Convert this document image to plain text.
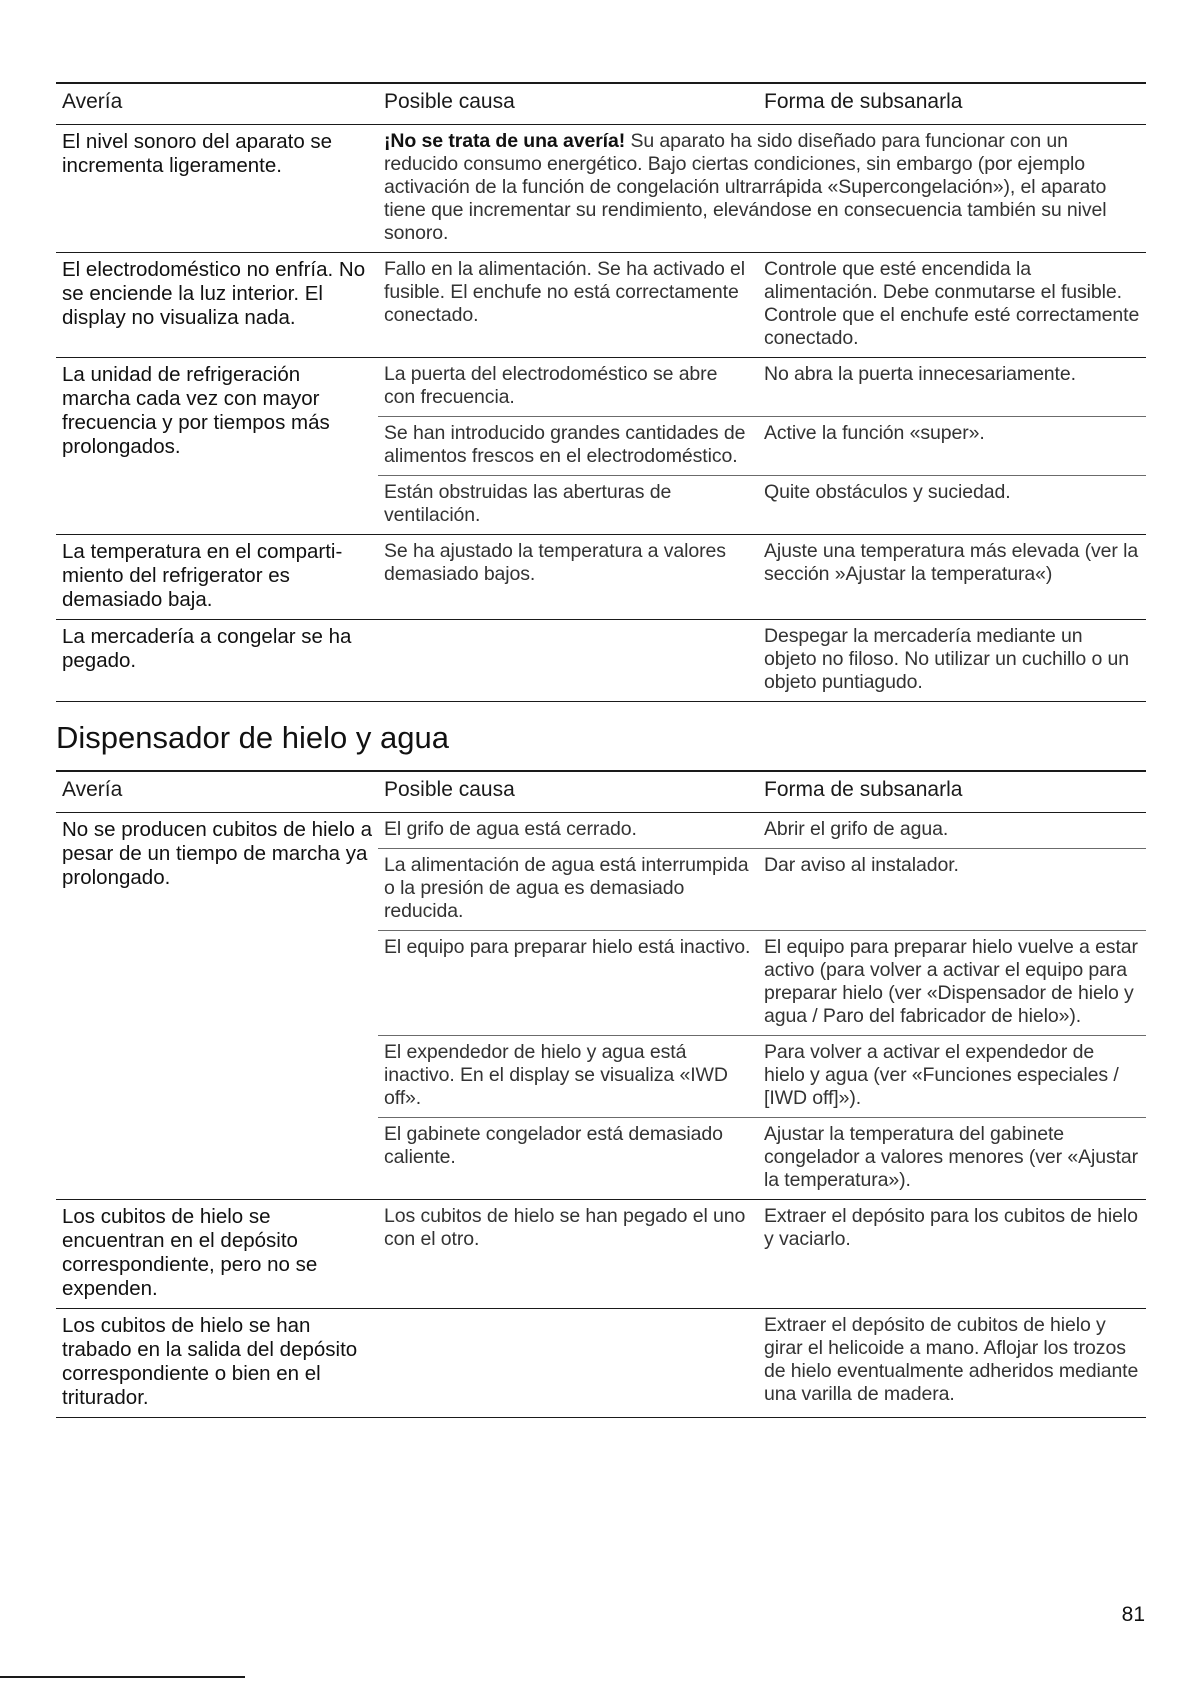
Avería	Posible causa	Forma de subsanarla
El nivel sonoro del aparato se incrementa ligeramente.	¡No se trata de una avería! Su aparato ha sido diseñado para funcionar con un reducido consumo energético. Bajo ciertas condiciones, sin embargo (por ejemplo activación de la función de congelación ultrarrápida «Supercongelación»), el aparato tiene que incrementar su rendimiento, elevándose en consecuencia también su nivel sonoro.	
El electrodoméstico no enfría. No se enciende la luz interior. El display no visualiza nada.	Fallo en la alimentación. Se ha activado el fusible. El enchufe no está correctamente conectado.	Controle que esté encendida la alimentación. Debe conmutarse el fusible. Controle que el enchufe esté correctamente conectado.
La unidad de refrigeración marcha cada vez con mayor frecuencia y por tiempos más prolongados.	La puerta del electrodoméstico se abre con frecuencia.	No abra la puerta innecesariamente.
	Se han introducido grandes cantidades de alimentos frescos en el electrodoméstico.	Active la función «super».
	Están obstruidas las aberturas de ventilación.	Quite obstáculos y suciedad.
La temperatura en el comparti-miento del refrigerator es demasiado baja.	Se ha ajustado la temperatura a valores demasiado bajos.	Ajuste una temperatura más elevada (ver la sección »Ajustar la temperatura«)
La mercadería a congelar se ha pegado.		Despegar la mercadería mediante un objeto no filoso. No utilizar un cuchillo o un objeto puntiagudo.
Dispensador de hielo y agua
Avería	Posible causa	Forma de subsanarla
No se producen cubitos de hielo a pesar de un tiempo de marcha ya prolongado.	El grifo de agua está cerrado.	Abrir el grifo de agua.
	La alimentación de agua está interrumpida o la presión de agua es demasiado reducida.	Dar aviso al instalador.
	El equipo para preparar hielo está inactivo.	El equipo para preparar hielo vuelve a estar activo (para volver a activar el equipo para preparar hielo (ver «Dispensador de hielo y agua / Paro del fabricador de hielo»).
	El expendedor de hielo y agua está inactivo. En el display se visualiza «IWD off».	Para volver a activar el expendedor de hielo y agua (ver «Funciones especiales / [IWD off]»).
	El gabinete congelador está demasiado caliente.	Ajustar la temperatura del gabinete congelador a valores menores (ver «Ajustar la temperatura»).
Los cubitos de hielo se encuentran en el depósito correspondiente, pero no se expenden.	Los cubitos de hielo se han pegado el uno con el otro.	Extraer el depósito para los cubitos de hielo y vaciarlo.
Los cubitos de hielo se han trabado en la salida del depósito correspondiente o bien en el triturador.		Extraer el depósito de cubitos de hielo y girar el helicoide a mano. Aflojar los trozos de hielo eventualmente adheridos mediante una varilla de madera.
81
